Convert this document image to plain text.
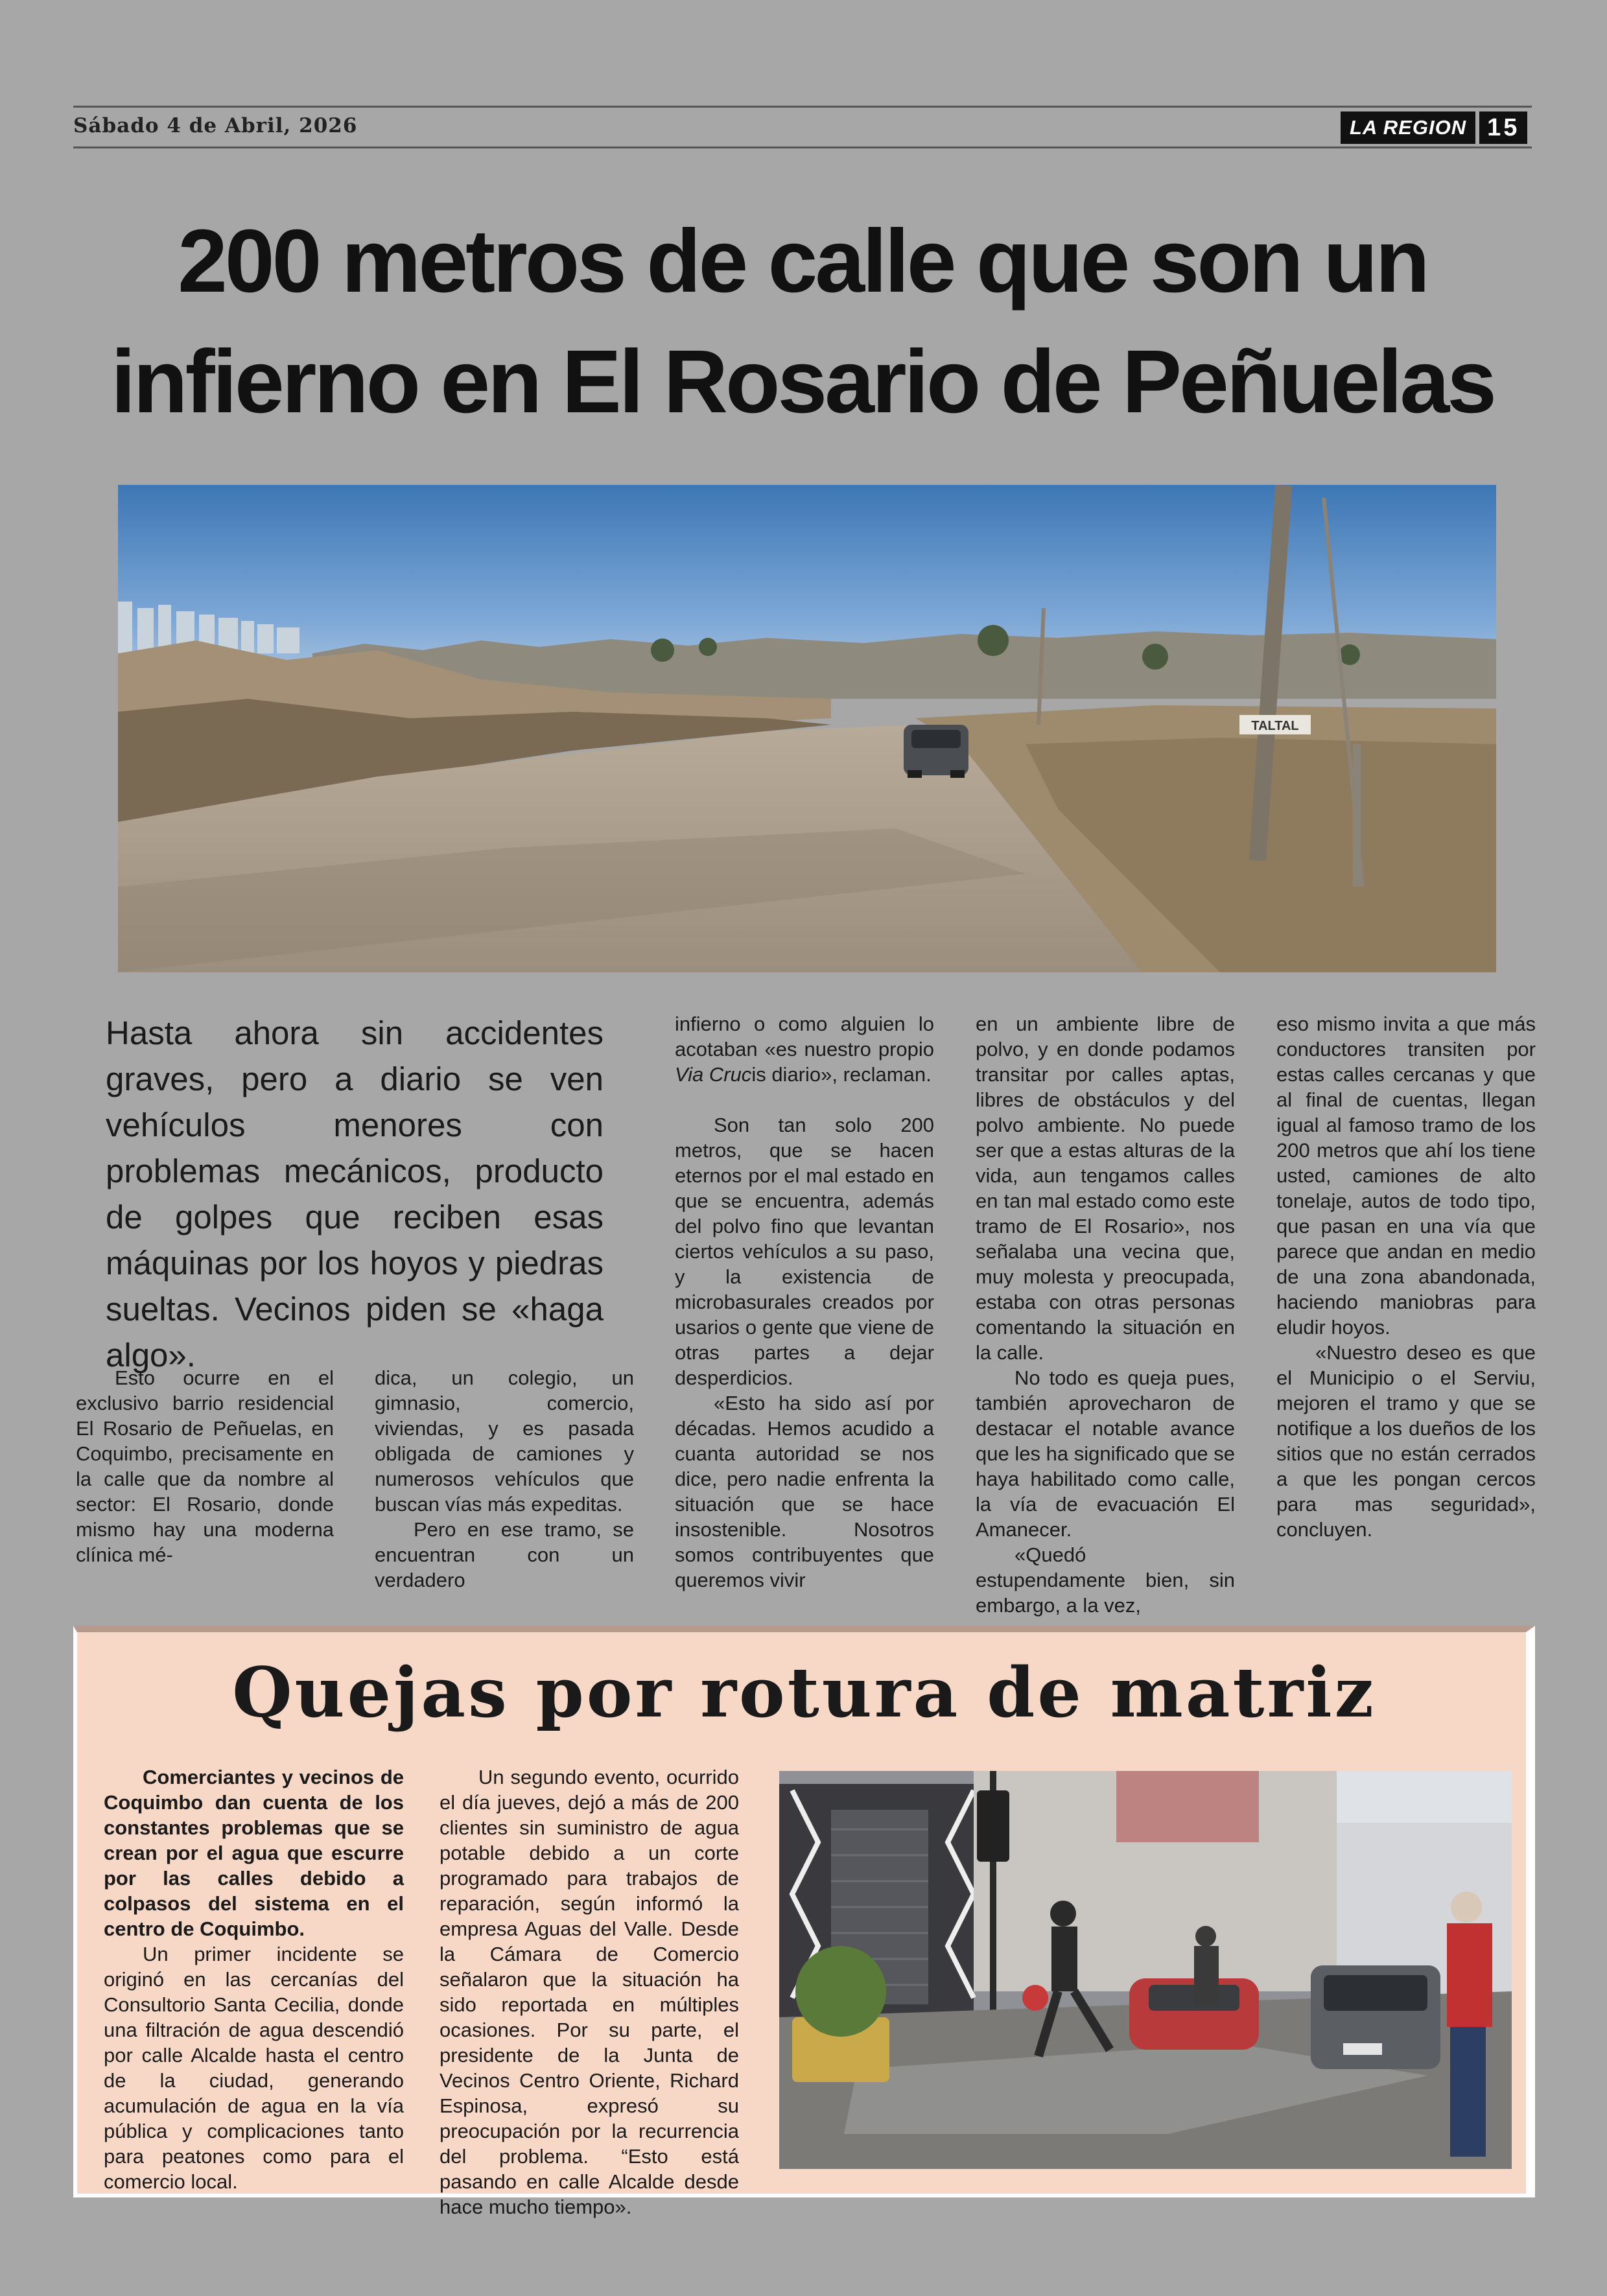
Sábado 4 de Abril, 2026	LA REGION 15
200 metros de calle que son un
infierno en El Rosario de Peñuelas
TALTAL
Hasta ahora sin accidentes graves, pero a diario se ven vehículos menores con problemas mecánicos, producto de golpes que reciben esas máquinas por los hoyos y piedras sueltas. Vecinos piden se «haga algo».

Esto ocurre en el exclusivo barrio residencial El Rosario de Peñuelas, en Coquimbo, precisamente en la calle que da nombre al sector: El Rosario, donde mismo hay una moderna clínica mé-

dica, un colegio, un gimnasio, comercio, viviendas, y es pasada obligada de camiones y numerosos vehículos que buscan vías más expeditas.

Pero en ese tramo, se encuentran con un verdadero

infierno o como alguien lo acotaban «es nuestro propio Via Crucis diario», reclaman.

Son tan solo 200 metros, que se hacen eternos por el mal estado en que se encuentra, además del polvo fino que levantan ciertos vehículos a su paso, y la existencia de microbasurales creados por usarios o gente que viene de otras partes a dejar desperdicios.

«Esto ha sido así por décadas. Hemos acudido a cuanta autoridad se nos dice, pero nadie enfrenta la situación que se hace insostenible. Nosotros somos contribuyentes que queremos vivir

en un ambiente libre de polvo, y en donde podamos transitar por calles aptas, libres de obstáculos y del polvo ambiente. No puede ser que a estas alturas de la vida, aun tengamos calles en tan mal estado como este tramo de El Rosario», nos señalaba una vecina que, muy molesta y preocupada, estaba con otras personas comentando la situación en la calle.

No todo es queja pues, también aprovecharon de destacar el notable avance que les ha significado que se haya habilitado como calle, la vía de evacuación El Amanecer.

«Quedó estupendamente bien, sin embargo, a la vez,

eso mismo invita a que más conductores transiten por estas calles cercanas y que al final de cuentas, llegan igual al famoso tramo de los 200 metros que ahí los tiene usted, camiones de alto tonelaje, autos de todo tipo, que pasan en una vía que parece que andan en medio de una zona abandonada, haciendo maniobras para eludir hoyos.

«Nuestro deseo es que el Municipio o el Serviu, mejoren el tramo y que se notifique a los dueños de los sitios que no están cerrados a que les pongan cercos para mas seguridad», concluyen.

Quejas por rotura de matriz

Comerciantes y vecinos de Coquimbo dan cuenta de los constantes problemas que se crean por el agua que escurre por las calles debido a colpasos del sistema en el centro de Coquimbo.

Un primer incidente se originó en las cercanías del Consultorio Santa Cecilia, donde una filtración de agua descendió por calle Alcalde hasta el centro de la ciudad, generando acumulación de agua en la vía pública y complicaciones tanto para peatones como para el comercio local.

Un segundo evento, ocurrido el día jueves, dejó a más de 200 clientes sin suministro de agua potable debido a un corte programado para trabajos de reparación, según informó la empresa Aguas del Valle. Desde la Cámara de Comercio señalaron que la situación ha sido reportada en múltiples ocasiones. Por su parte, el presidente de la Junta de Vecinos Centro Oriente, Richard Espinosa, expresó su preocupación por la recurrencia del problema. “Esto está pasando en calle Alcalde desde hace mucho tiempo».
